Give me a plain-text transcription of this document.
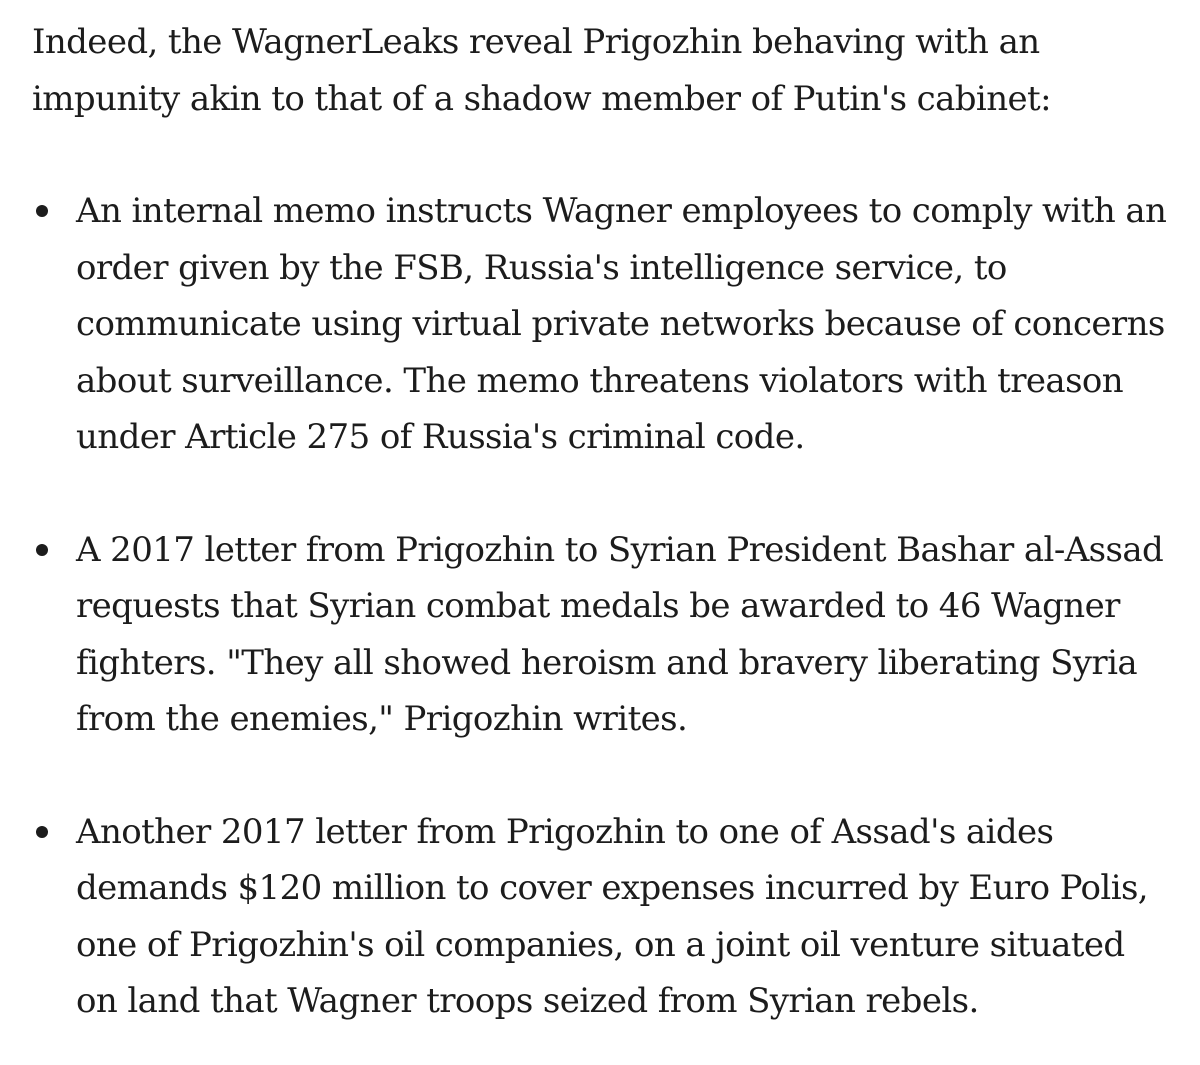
Indeed, the WagnerLeaks reveal Prigozhin behaving with an impunity akin to that of a shadow member of Putin's cabinet:

An internal memo instructs Wagner employees to comply with an order given by the FSB, Russia's intelligence service, to communicate using virtual private networks because of concerns about surveillance. The memo threatens violators with treason under Article 275 of Russia's criminal code.
A 2017 letter from Prigozhin to Syrian President Bashar al-Assad requests that Syrian combat medals be awarded to 46 Wagner fighters. "They all showed heroism and bravery liberating Syria from the enemies," Prigozhin writes.
Another 2017 letter from Prigozhin to one of Assad's aides demands $120 million to cover expenses incurred by Euro Polis, one of Prigozhin's oil companies, on a joint oil venture situated on land that Wagner troops seized from Syrian rebels.
